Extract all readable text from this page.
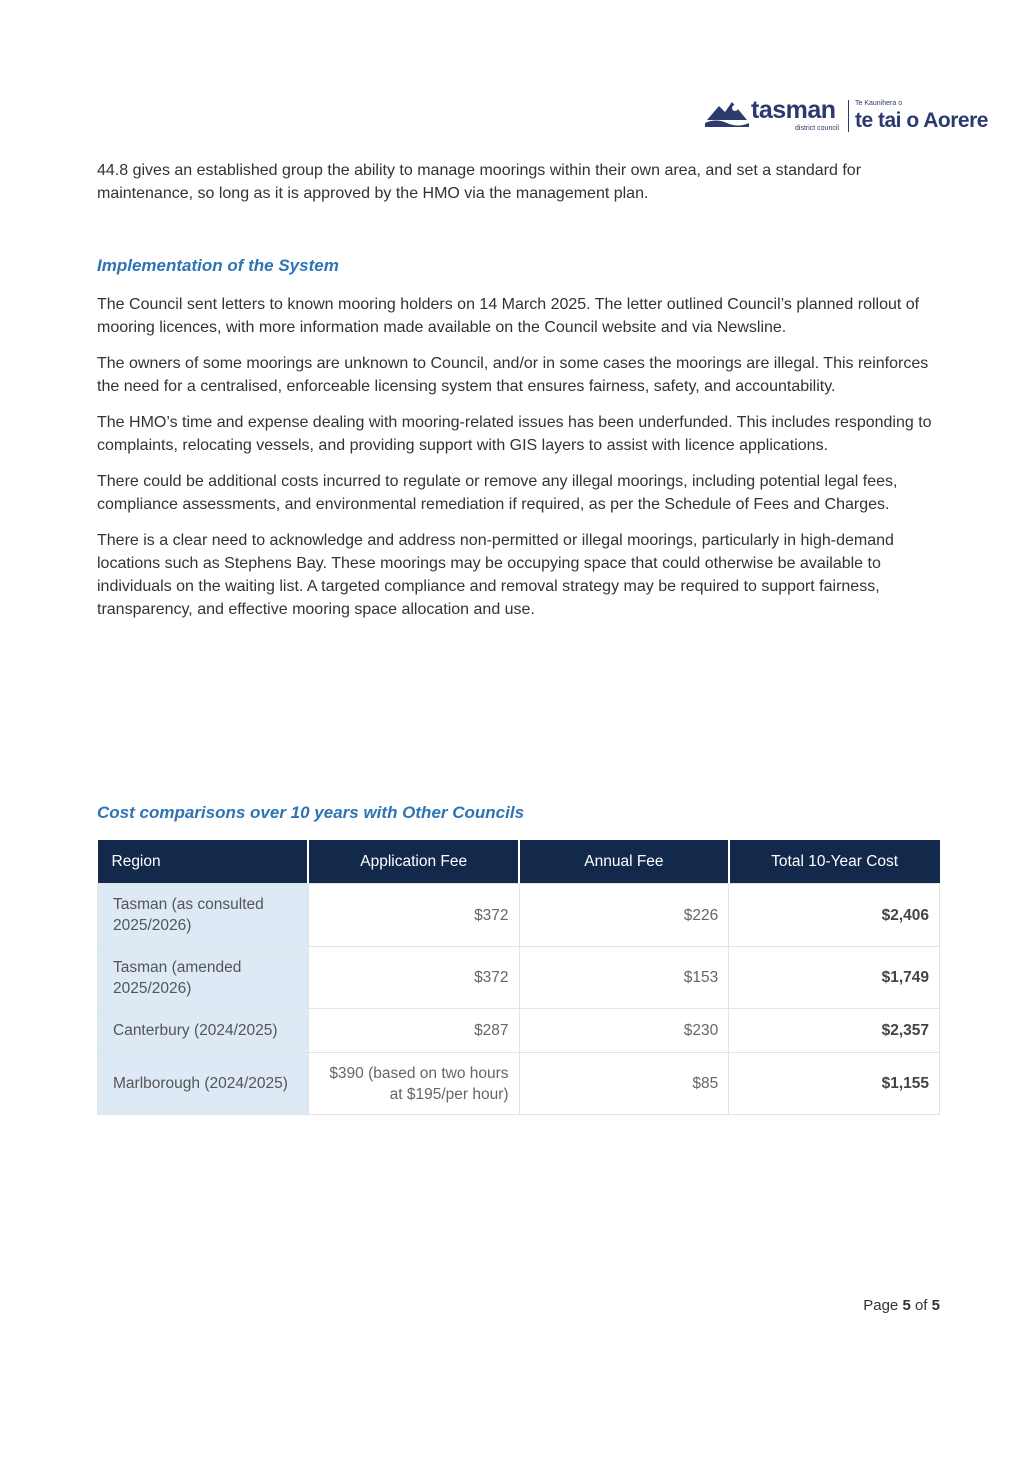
tasman
district council
Te Kaunihera o
te tai o Aorere

44.8 gives an established group the ability to manage moorings within their own area, and set a standard for maintenance, so long as it is approved by the HMO via the management plan.

Implementation of the System

The Council sent letters to known mooring holders on 14 March 2025. The letter outlined Council’s planned rollout of mooring licences, with more information made available on the Council website and via Newsline.

The owners of some moorings are unknown to Council, and/or in some cases the moorings are illegal. This reinforces the need for a centralised, enforceable licensing system that ensures fairness, safety, and accountability.

The HMO’s time and expense dealing with mooring-related issues has been underfunded. This includes responding to complaints, relocating vessels, and providing support with GIS layers to assist with licence applications.

There could be additional costs incurred to regulate or remove any illegal moorings, including potential legal fees, compliance assessments, and environmental remediation if required, as per the Schedule of Fees and Charges.

There is a clear need to acknowledge and address non-permitted or illegal moorings, particularly in high-demand locations such as Stephens Bay. These moorings may be occupying space that could otherwise be available to individuals on the waiting list. A targeted compliance and removal strategy may be required to support fairness, transparency, and effective mooring space allocation and use.

Cost comparisons over 10 years with Other Councils
Region	Application Fee	Annual Fee	Total 10-Year Cost
Tasman (as consulted 2025/2026)	$372	$226	$2,406
Tasman (amended 2025/2026)	$372	$153	$1,749
Canterbury (2024/2025)	$287	$230	$2,357
Marlborough (2024/2025)	$390 (based on two hours at $195/per hour)	$85	$1,155
Page 5 of 5
